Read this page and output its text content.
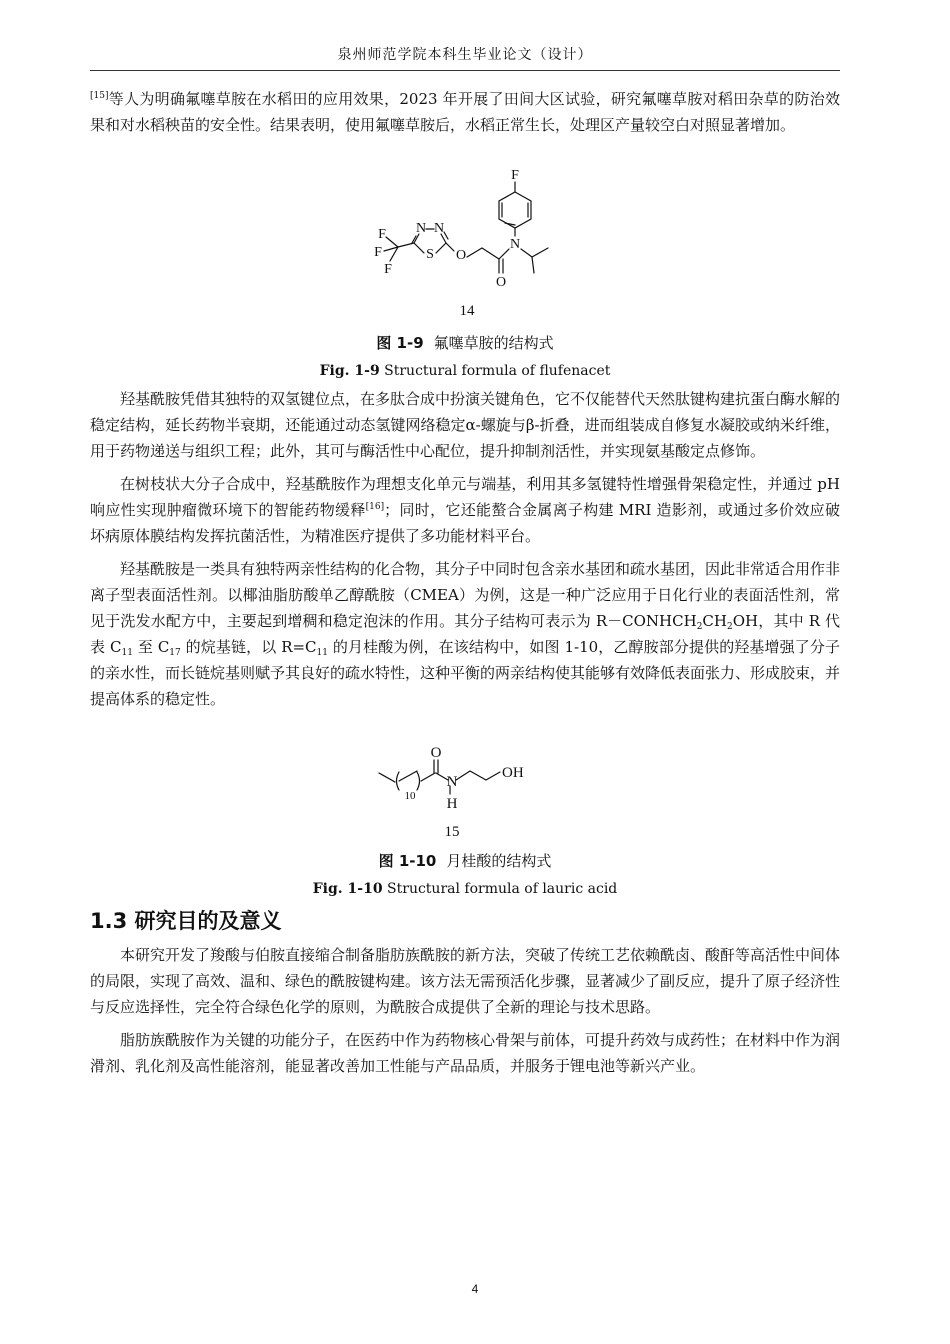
泉州师范学院本科生毕业论文（设计）

[15]等人为明确氟噻草胺在水稻田的应用效果，2023 年开展了田间大区试验，研究氟噻草胺对稻田杂草的防治效果和对水稻秧苗的安全性。结果表明，使用氟噻草胺后，水稻正常生长，处理区产量较空白对照显著增加。

F
N
O
O
S
N
N
F
F
F
14
图 1-9 氟噻草胺的结构式
Fig. 1-9 Structural formula of flufenacet

羟基酰胺凭借其独特的双氢键位点，在多肽合成中扮演关键角色，它不仅能替代天然肽键构建抗蛋白酶水解的稳定结构，延长药物半衰期，还能通过动态氢键网络稳定α-螺旋与β-折叠，进而组装成自修复水凝胶或纳米纤维，用于药物递送与组织工程；此外，其可与酶活性中心配位，提升抑制剂活性，并实现氨基酸定点修饰。

在树枝状大分子合成中，羟基酰胺作为理想支化单元与端基，利用其多氢键特性增强骨架稳定性，并通过 pH 响应性实现肿瘤微环境下的智能药物缓释[16]；同时，它还能螯合金属离子构建 MRI 造影剂，或通过多价效应破坏病原体膜结构发挥抗菌活性，为精准医疗提供了多功能材料平台。

羟基酰胺是一类具有独特两亲性结构的化合物，其分子中同时包含亲水基团和疏水基团，因此非常适合用作非离子型表面活性剂。以椰油脂肪酸单乙醇酰胺（CMEA）为例，这是一种广泛应用于日化行业的表面活性剂，常见于洗发水配方中，主要起到增稠和稳定泡沫的作用。其分子结构可表示为 $R-CONHCH_2CH_2OH$，其中 R 代表 $C_{11}$ 至 $C_{17}$ 的烷基链，以 $R=C_{11}$ 的月桂酸为例，在该结构中，如图 1-10，乙醇胺部分提供的羟基增强了分子的亲水性，而长链烷基则赋予其良好的疏水特性，这种平衡的两亲结构使其能够有效降低表面张力、形成胶束，并提高体系的稳定性。

O
N
H
OH
10
15
图 1-10 月桂酸的结构式
Fig. 1-10 Structural formula of lauric acid
1.3 研究目的及意义

本研究开发了羧酸与伯胺直接缩合制备脂肪族酰胺的新方法，突破了传统工艺依赖酰卤、酸酐等高活性中间体的局限，实现了高效、温和、绿色的酰胺键构建。该方法无需预活化步骤，显著减少了副反应，提升了原子经济性与反应选择性，完全符合绿色化学的原则，为酰胺合成提供了全新的理论与技术思路。

脂肪族酰胺作为关键的功能分子，在医药中作为药物核心骨架与前体，可提升药效与成药性；在材料中作为润滑剂、乳化剂及高性能溶剂，能显著改善加工性能与产品品质，并服务于锂电池等新兴产业。

4
